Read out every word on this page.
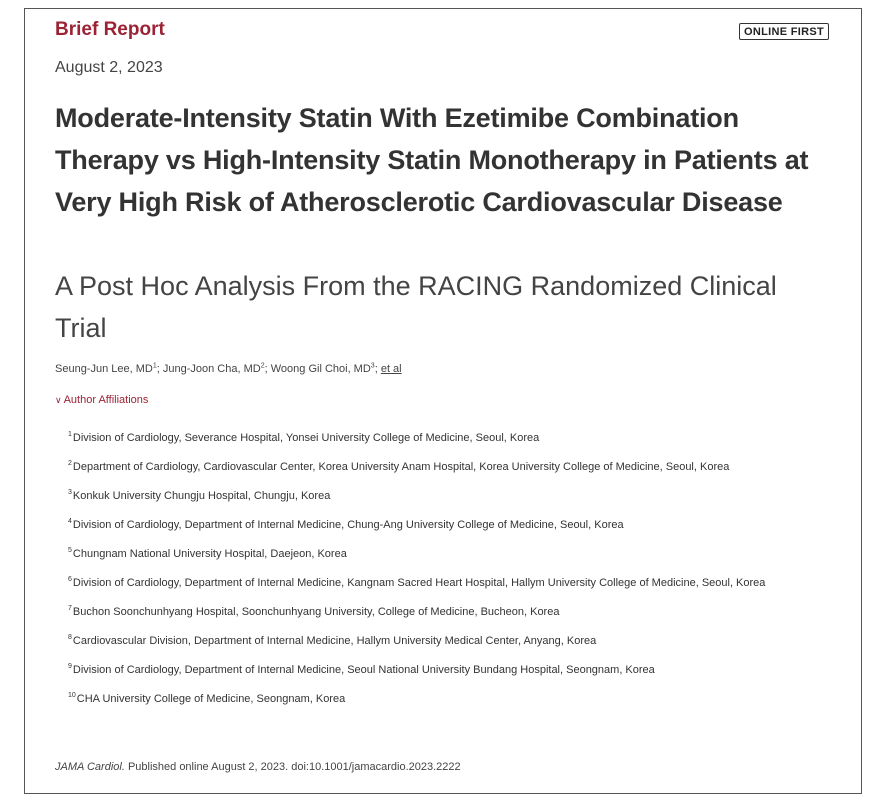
Brief Report	ONLINE FIRST
August 2, 2023
Moderate-Intensity Statin With Ezetimibe Combination Therapy vs High-Intensity Statin Monotherapy in Patients at Very High Risk of Atherosclerotic Cardiovascular Disease
A Post Hoc Analysis From the RACING Randomized Clinical Trial
Seung-Jun Lee, $MD^1$; Jung-Joon Cha, $MD^2$; Woong Gil Choi, $MD^3$; et al
∨ Author Affiliations
$^1$Division of Cardiology, Severance Hospital, Yonsei University College of Medicine, Seoul, Korea
$^2$Department of Cardiology, Cardiovascular Center, Korea University Anam Hospital, Korea University College of Medicine, Seoul, Korea
$^3$Konkuk University Chungju Hospital, Chungju, Korea
$^4$Division of Cardiology, Department of Internal Medicine, Chung-Ang University College of Medicine, Seoul, Korea
$^5$Chungnam National University Hospital, Daejeon, Korea
$^6$Division of Cardiology, Department of Internal Medicine, Kangnam Sacred Heart Hospital, Hallym University College of Medicine, Seoul, Korea
$^7$Buchon Soonchunhyang Hospital, Soonchunhyang University, College of Medicine, Bucheon, Korea
$^8$Cardiovascular Division, Department of Internal Medicine, Hallym University Medical Center, Anyang, Korea
$^9$Division of Cardiology, Department of Internal Medicine, Seoul National University Bundang Hospital, Seongnam, Korea
$^{10}$CHA University College of Medicine, Seongnam, Korea
JAMA Cardiol. Published online August 2, 2023. doi:10.1001/jamacardio.2023.2222
